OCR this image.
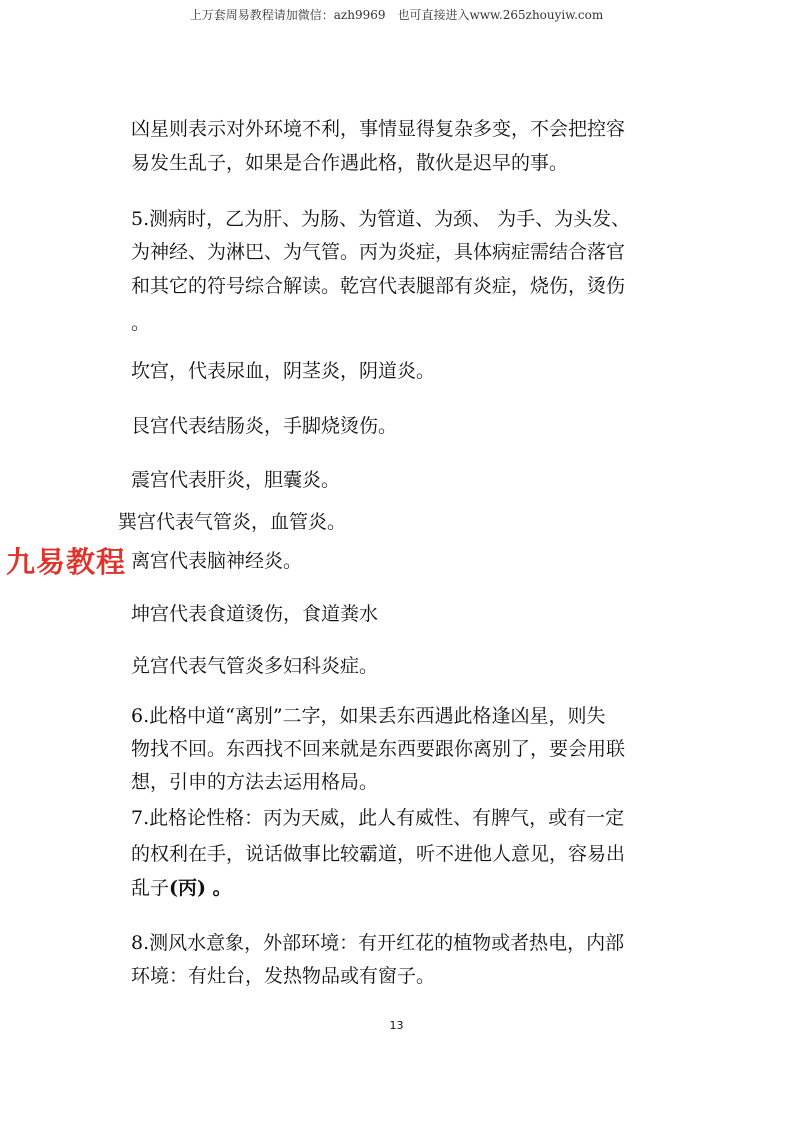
上万套周易教程请加微信：azh9969　也可直接进入www.265zhouyiw.com
凶星则表示对外环境不利，事情显得复杂多变，不会把控容
易发生乱子，如果是合作遇此格，散伙是迟早的事。
5.测病时，乙为肝、为肠、为管道、为颈、 为手、为头发、
为神经、为淋巴、为气管。丙为炎症，具体病症需结合落官
和其它的符号综合解读。乾宫代表腿部有炎症，烧伤，烫伤
。
坎宫，代表尿血，阴茎炎，阴道炎。
艮宫代表结肠炎，手脚烧烫伤。
震宫代表肝炎，胆囊炎。
巽宫代表气管炎，血管炎。
离宫代表脑神经炎。
九易教程
坤宫代表食道烫伤，食道粪水
兑宫代表气管炎多妇科炎症。
6.此格中道“离别”二字，如果丢东西遇此格逢凶星，则失
物找不回。东西找不回来就是东西要跟你离别了，要会用联
想，引申的方法去运用格局。
7.此格论性格：丙为天威，此人有威性、有脾气，或有一定
的权利在手，说话做事比较霸道，听不进他人意见，容易出
乱子(丙) 。
8.测风水意象，外部环境：有开红花的植物或者热电，内部
环境：有灶台，发热物品或有窗子。
13
